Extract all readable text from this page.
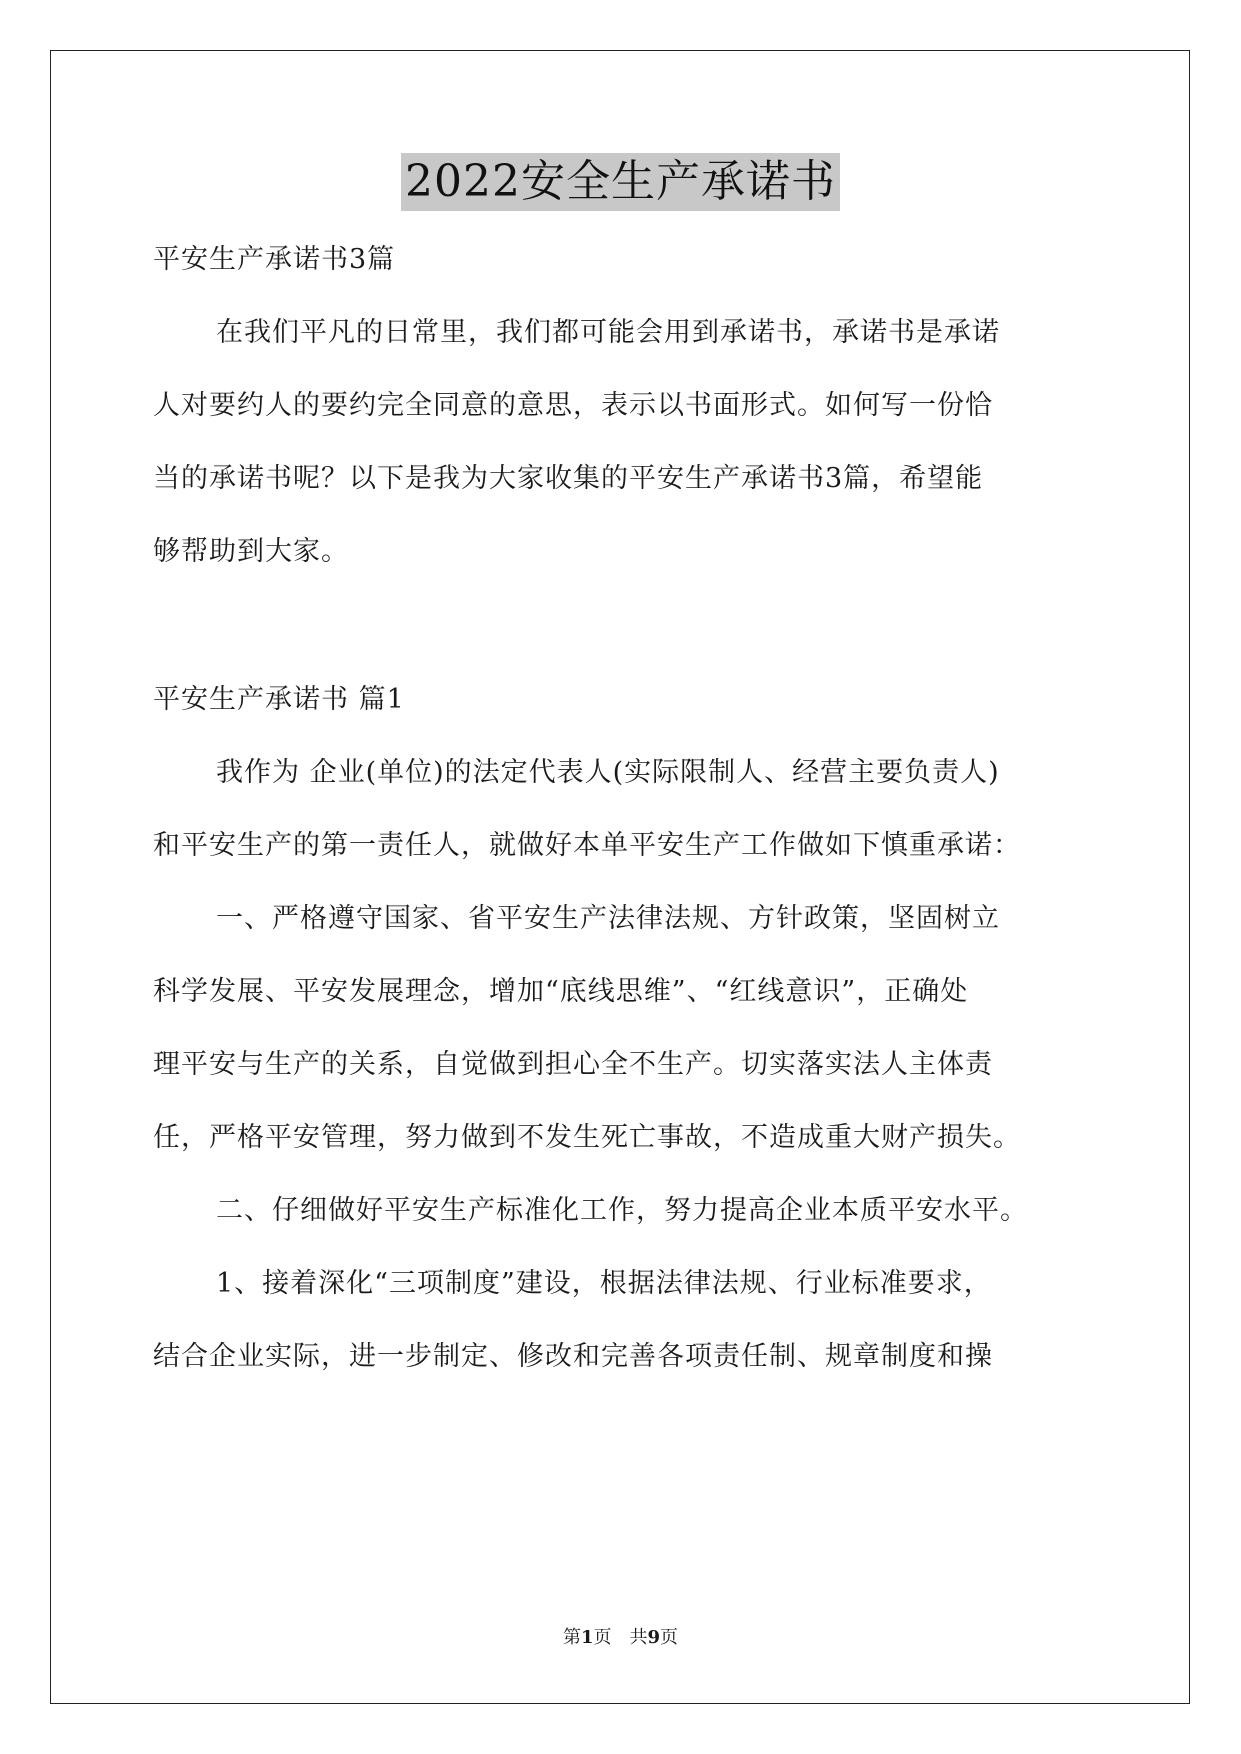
2022安全生产承诺书
平安生产承诺书3篇
在我们平凡的日常里，我们都可能会用到承诺书，承诺书是承诺
人对要约人的要约完全同意的意思，表示以书面形式。如何写一份恰
当的承诺书呢？以下是我为大家收集的平安生产承诺书3篇，希望能
够帮助到大家。
平安生产承诺书 篇1
我作为 企业(单位)的法定代表人(实际限制人、经营主要负责人)
和平安生产的第一责任人，就做好本单平安生产工作做如下慎重承诺：
一、严格遵守国家、省平安生产法律法规、方针政策，坚固树立
科学发展、平安发展理念，增加“底线思维”、“红线意识”，正确处
理平安与生产的关系，自觉做到担心全不生产。切实落实法人主体责
任，严格平安管理，努力做到不发生死亡事故，不造成重大财产损失。
二、仔细做好平安生产标准化工作，努力提高企业本质平安水平。
1、接着深化“三项制度”建设，根据法律法规、行业标准要求，
结合企业实际，进一步制定、修改和完善各项责任制、规章制度和操
第1页　共9页
